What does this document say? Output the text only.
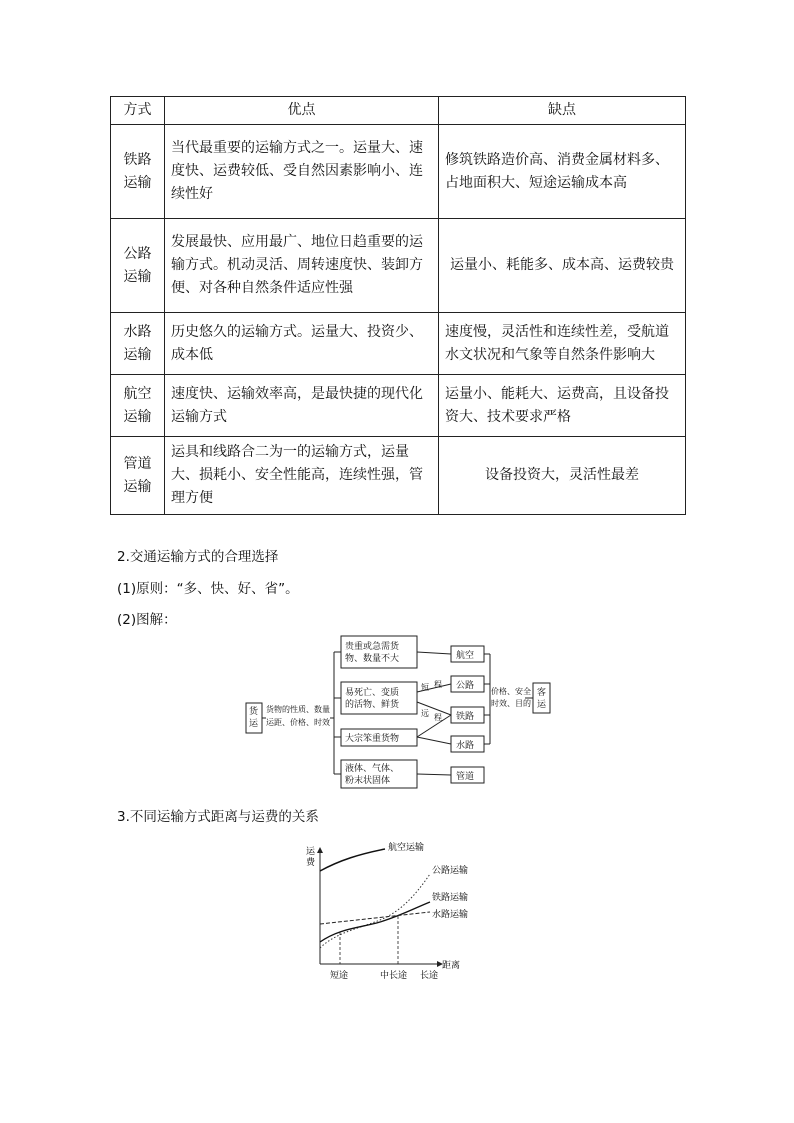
方式	优点	缺点
铁路
运输	当代最重要的运输方式之一。运量大、速度快、运费较低、受自然因素影响小、连续性好	修筑铁路造价高、消费金属材料多、占地面积大、短途运输成本高
公路
运输	发展最快、应用最广、地位日趋重要的运输方式。机动灵活、周转速度快、装卸方便、对各种自然条件适应性强	运量小、耗能多、成本高、运费较贵
水路
运输	历史悠久的运输方式。运量大、投资少、成本低	速度慢，灵活性和连续性差，受航道水文状况和气象等自然条件影响大
航空
运输	速度快、运输效率高，是最快捷的现代化运输方式	运量小、能耗大、运费高，且设备投资大、技术要求严格
管道
运输	运具和线路合二为一的运输方式，运量大、损耗小、安全性能高，连续性强，管理方便	设备投资大，灵活性最差
2.交通运输方式的合理选择
(1)原则：“多、快、好、省”。
(2)图解：
货运
货物的性质、数量运距、价格、时效
贵重或急需货物、数量不大
易死亡、变质的活物、鲜货
大宗笨重货物
液体、气体、粉末状固体
航空
公路
铁路
水路
管道
短 程
远 程
价格、安全时效、目的
客运
3.不同运输方式距离与运费的关系
运费
距离
航空运输
公路运输
铁路运输
水路运输
短途	中长途 长途
